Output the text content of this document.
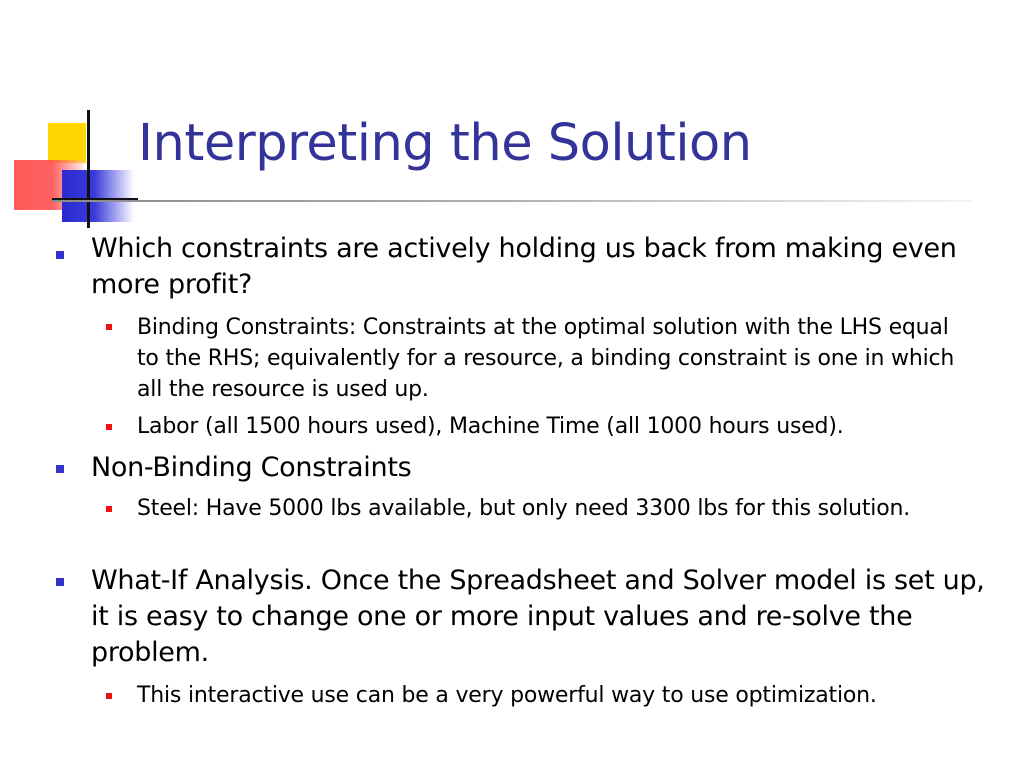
Interpreting the Solution
Which constraints are actively holding us back from making even more profit?
Binding Constraints: Constraints at the optimal solution with the LHS equal to the RHS; equivalently for a resource, a binding constraint is one in which all the resource is used up.
Labor (all 1500 hours used), Machine Time (all 1000 hours used).
Non-Binding Constraints
Steel: Have 5000 lbs available, but only need 3300 lbs for this solution.
What-If Analysis. Once the Spreadsheet and Solver model is set up, it is easy to change one or more input values and re-solve the problem.
This interactive use can be a very powerful way to use optimization.
